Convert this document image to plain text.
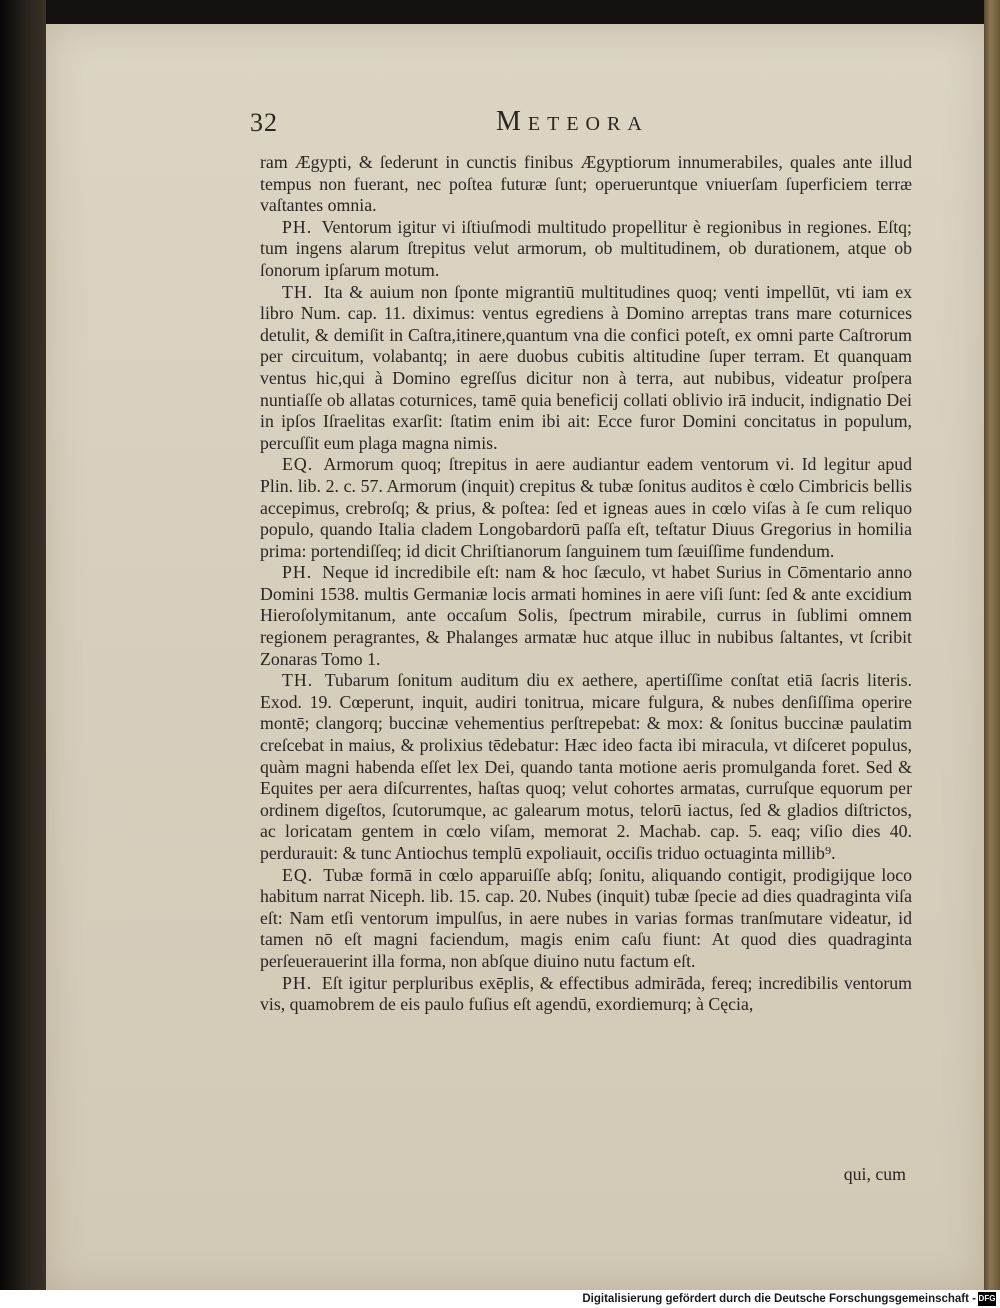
32	Meteora

ram Ægypti, & ſederunt in cunctis finibus Ægyptiorum innumerabiles, quales ante illud tempus non fuerant, nec poſtea futuræ ſunt; operueruntque vniuerſam ſuperficiem terræ vaſtantes omnia.

PH. Ventorum igitur vi iſtiuſmodi multitudo propellitur è regionibus in regiones. Eſtq; tum ingens alarum ſtrepitus velut armorum, ob multitudinem, ob durationem, atque ob ſonorum ipſarum motum.

TH. Ita & auium non ſponte migrantiū multitudines quoq; venti impellūt, vti iam ex libro Num. cap. 11. diximus: ventus egrediens à Domino arreptas trans mare coturnices detulit, & demiſit in Caſtra,itinere,quantum vna die confici poteſt, ex omni parte Caſtrorum per circuitum, volabantq; in aere duobus cubitis altitudine ſuper terram. Et quanquam ventus hic,qui à Domino egreſſus dicitur non à terra, aut nubibus, videatur proſpera nuntiaſſe ob allatas coturnices, tamē quia beneficij collati oblivio irā inducit, indignatio Dei in ipſos Iſraelitas exarſit: ſtatim enim ibi ait: Ecce furor Domini concitatus in populum, percuſſit eum plaga magna nimis.

EQ. Armorum quoq; ſtrepitus in aere audiantur eadem ventorum vi. Id legitur apud Plin. lib. 2. c. 57. Armorum (inquit) crepitus & tubæ ſonitus auditos è cœlo Cimbricis bellis accepimus, crebroſq; & prius, & poſtea: ſed et igneas aues in cœlo viſas à ſe cum reliquo populo, quando Italia cladem Longobardorū paſſa eſt, teſtatur Diuus Gregorius in homilia prima: portendiſſeq; id dicit Chriſtianorum ſanguinem tum ſæuiſſime fundendum.

PH. Neque id incredibile eſt: nam & hoc ſæculo, vt habet Surius in Cōmentario anno Domini 1538. multis Germaniæ locis armati homines in aere viſi ſunt: ſed & ante excidium Hieroſolymitanum, ante occaſum Solis, ſpectrum mirabile, currus in ſublimi omnem regionem peragrantes, & Phalanges armatæ huc atque illuc in nubibus ſaltantes, vt ſcribit Zonaras Tomo 1.

TH. Tubarum ſonitum auditum diu ex aethere, apertiſſime conſtat etiā ſacris literis. Exod. 19. Cœperunt, inquit, audiri tonitrua, micare fulgura, & nubes denſiſſima operire montē; clangorq; buccinæ vehementius perſtrepebat: & mox: & ſonitus buccinæ paulatim creſcebat in maius, & prolixius tēdebatur: Hæc ideo facta ibi miracula, vt diſceret populus, quàm magni habenda eſſet lex Dei, quando tanta motione aeris promulganda foret. Sed & Equites per aera diſcurrentes, haſtas quoq; velut cohortes armatas, curruſque equorum per ordinem digeſtos, ſcutorumque, ac galearum motus, telorū iactus, ſed & gladios diſtrictos, ac loricatam gentem in cœlo viſam, memorat 2. Machab. cap. 5. eaq; viſio dies 40. perdurauit: & tunc Antiochus templū expoliauit, occiſis triduo octuaginta millib⁹.

EQ. Tubæ formā in cœlo apparuiſſe abſq; ſonitu, aliquando contigit, prodigijque loco habitum narrat Niceph. lib. 15. cap. 20. Nubes (inquit) tubæ ſpecie ad dies quadraginta viſa eſt: Nam etſi ventorum impulſus, in aere nubes in varias formas tranſmutare videatur, id tamen nō eſt magni faciendum, magis enim caſu fiunt: At quod dies quadraginta perſeuerauerint illa forma, non abſque diuino nutu factum eſt.

PH. Eſt igitur perpluribus exēplis, & effectibus admirāda, fereq; incredibilis ventorum vis, quamobrem de eis paulo fuſius eſt agendū, exordiemurq; à Cęcia,

qui, cum
Digitalisierung gefördert durch die Deutsche Forschungsgemeinschaft - DFG
